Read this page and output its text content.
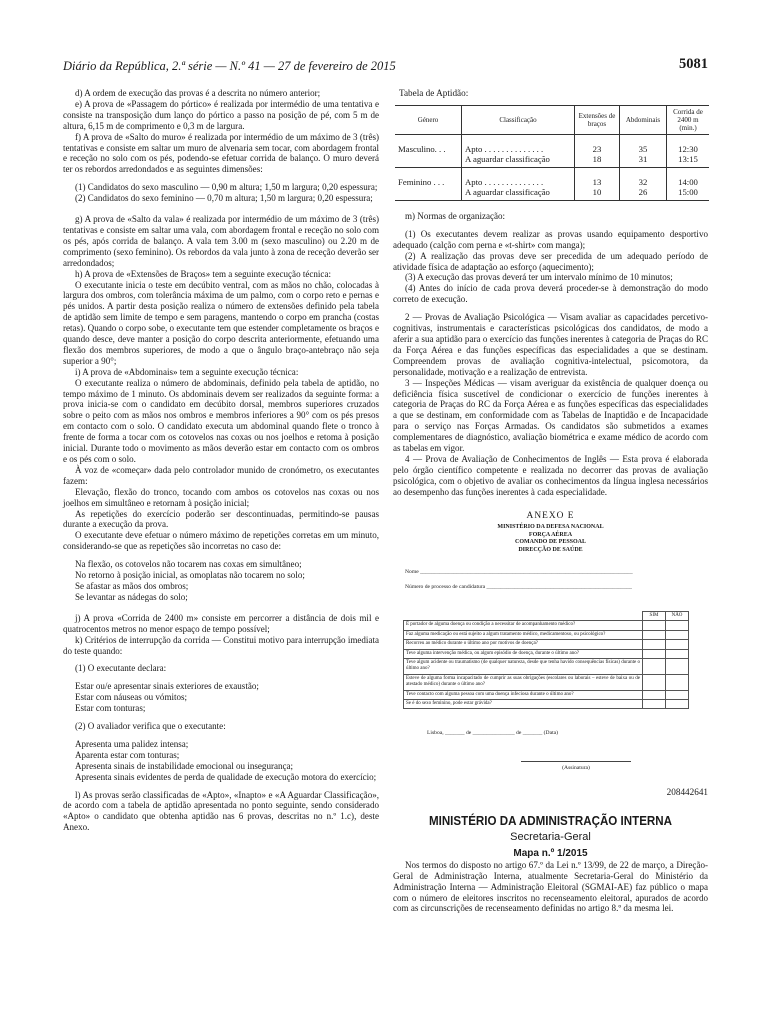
Diário da República, 2.ª série — N.º 41 — 27 de fevereiro de 2015	5081

d) A ordem de execução das provas é a descrita no número anterior;

e) A prova de «Passagem do pórtico» é realizada por intermédio de uma tentativa e consiste na transposição dum lanço do pórtico a passo na posição de pé, com 5 m de altura, 6,15 m de comprimento e 0,3 m de largura.

f) A prova de «Salto do muro» é realizada por intermédio de um máximo de 3 (três) tentativas e consiste em saltar um muro de alvenaria sem tocar, com abordagem frontal e receção no solo com os pés, podendo-se efetuar corrida de balanço. O muro deverá ter os rebordos arredondados e as seguintes dimensões:

(1) Candidatos do sexo masculino — 0,90 m altura; 1,50 m largura; 0,20 espessura;

(2) Candidatos do sexo feminino — 0,70 m altura; 1,50 m largura; 0,20 espessura;

g) A prova de «Salto da vala» é realizada por intermédio de um máximo de 3 (três) tentativas e consiste em saltar uma vala, com abordagem frontal e receção no solo com os pés, após corrida de balanço. A vala tem 3.00 m (sexo masculino) ou 2.20 m de comprimento (sexo feminino). Os rebordos da vala junto à zona de receção deverão ser arredondados;

h) A prova de «Extensões de Braços» tem a seguinte execução técnica:

O executante inicia o teste em decúbito ventral, com as mãos no chão, colocadas à largura dos ombros, com tolerância máxima de um palmo, com o corpo reto e pernas e pés unidos. A partir desta posição realiza o número de extensões definido pela tabela de aptidão sem limite de tempo e sem paragens, mantendo o corpo em prancha (costas retas). Quando o corpo sobe, o executante tem que estender completamente os braços e quando desce, deve manter a posição do corpo descrita anteriormente, efetuando uma flexão dos membros superiores, de modo a que o ângulo braço-antebraço não seja superior a 90°;

i) A prova de «Abdominais» tem a seguinte execução técnica:

O executante realiza o número de abdominais, definido pela tabela de aptidão, no tempo máximo de 1 minuto. Os abdominais devem ser realizados da seguinte forma: a prova inicia-se com o candidato em decúbito dorsal, membros superiores cruzados sobre o peito com as mãos nos ombros e membros inferiores a 90° com os pés presos em contacto com o solo. O candidato executa um abdominal quando flete o tronco à frente de forma a tocar com os cotovelos nas coxas ou nos joelhos e retoma à posição inicial. Durante todo o movimento as mãos deverão estar em contacto com os ombros e os pés com o solo.

À voz de «começar» dada pelo controlador munido de cronómetro, os executantes fazem:

Elevação, flexão do tronco, tocando com ambos os cotovelos nas coxas ou nos joelhos em simultâneo e retornam à posição inicial;

As repetições do exercício poderão ser descontinuadas, permitindo-se pausas durante a execução da prova.

O executante deve efetuar o número máximo de repetições corretas em um minuto, considerando-se que as repetições são incorretas no caso de:

Na flexão, os cotovelos não tocarem nas coxas em simultâneo;

No retorno à posição inicial, as omoplatas não tocarem no solo;

Se afastar as mãos dos ombros;

Se levantar as nádegas do solo;

j) A prova «Corrida de 2400 m» consiste em percorrer a distância de dois mil e quatrocentos metros no menor espaço de tempo possível;

k) Critérios de interrupção da corrida — Constitui motivo para interrupção imediata do teste quando:

(1) O executante declara:

Estar ou/e apresentar sinais exteriores de exaustão;

Estar com náuseas ou vómitos;

Estar com tonturas;

(2) O avaliador verifica que o executante:

Apresenta uma palidez intensa;

Aparenta estar com tonturas;

Apresenta sinais de instabilidade emocional ou insegurança;

Apresenta sinais evidentes de perda de qualidade de execução motora do exercício;

l) As provas serão classificadas de «Apto», «Inapto» e «A Aguardar Classificação», de acordo com a tabela de aptidão apresentada no ponto seguinte, sendo considerado «Apto» o candidato que obtenha aptidão nas 6 provas, descritas no n.º 1.c), deste Anexo.

Tabela de Aptidão:
Género	Classificação	Extensões de braços	Abdominais	Corrida de 2400 m (min.)
Masculino. . .	Apto . . . . . . . . . . . . . .	23	35	12:30
	A aguardar classificação	18	31	13:15
Feminino . . .	Apto . . . . . . . . . . . . . .	13	32	14:00
	A aguardar classificação	10	26	15:00

m) Normas de organização:

(1) Os executantes devem realizar as provas usando equipamento desportivo adequado (calção com perna e «t-shirt» com manga);

(2) A realização das provas deve ser precedida de um adequado período de atividade física de adaptação ao esforço (aquecimento);

(3) A execução das provas deverá ter um intervalo mínimo de 10 minutos;

(4) Antes do início de cada prova deverá proceder-se à demonstração do modo correto de execução.

2 — Provas de Avaliação Psicológica — Visam avaliar as capacidades percetivo-cognitivas, instrumentais e características psicológicas dos candidatos, de modo a aferir a sua aptidão para o exercício das funções inerentes à categoria de Praças do RC da Força Aérea e das funções específicas das especialidades a que se destinam. Compreendem provas de avaliação cognitiva-intelectual, psicomotora, da personalidade, motivação e a realização de entrevista.

3 — Inspeções Médicas — visam averiguar da existência de qualquer doença ou deficiência física suscetível de condicionar o exercício de funções inerentes à categoria de Praças do RC da Força Aérea e as funções específicas das especialidades a que se destinam, em conformidade com as Tabelas de Inaptidão e de Incapacidade para o serviço nas Forças Armadas. Os candidatos são submetidos a exames complementares de diagnóstico, avaliação biométrica e exame médico de acordo com as tabelas em vigor.

4 — Prova de Avaliação de Conhecimentos de Inglês — Esta prova é elaborada pelo órgão científico competente e realizada no decorrer das provas de avaliação psicológica, com o objetivo de avaliar os conhecimentos da língua inglesa necessários ao desempenho das funções inerentes à cada especialidade.

ANEXO E
MINISTÉRIO DA DEFESA NACIONAL
FORÇA AÉREA
COMANDO DE PESSOAL
DIRECÇÃO DE SAÚDE
Nome ____________________________________________________________________________
Número de processo de candidatura ____________________________________________________
	SIM	NÃO
É portador de alguma doença ou condição a necessitar de acompanhamento médico?		
Faz alguma medicação ou está sujeito a algum tratamento médico, medicamentoso, ou psicológico?		
Recorreu ao médico durante o último ano por motivos de doença?		
Teve alguma intervenção médica, ou algum episódio de doença, durante o último ano?		
Teve algum acidente ou traumatismo (de qualquer natureza, desde que tenha havido consequências físicas) durante o último ano?		
Esteve de alguma forma incapacitado de cumprir as suas obrigações (escolares ou laborais – esteve de baixa ou de atestado médico) durante o último ano?		
Teve contacto com alguma pessoa com uma doença infeciosa durante o último ano?		
Se é do sexo feminino, pode estar grávida?		
Lisboa, _______ de _______________ de _______ (Data)
(Assinatura)
208442641
MINISTÉRIO DA ADMINISTRAÇÃO INTERNA
Secretaria-Geral
Mapa n.º 1/2015

Nos termos do disposto no artigo 67.º da Lei n.º 13/99, de 22 de março, a Direção-Geral de Administração Interna, atualmente Secretaria-Geral do Ministério da Administração Interna — Administração Eleitoral (SGMAI-AE) faz público o mapa com o número de eleitores inscritos no recenseamento eleitoral, apurados de acordo com as circunscrições de recenseamento definidas no artigo 8.º da mesma lei.
